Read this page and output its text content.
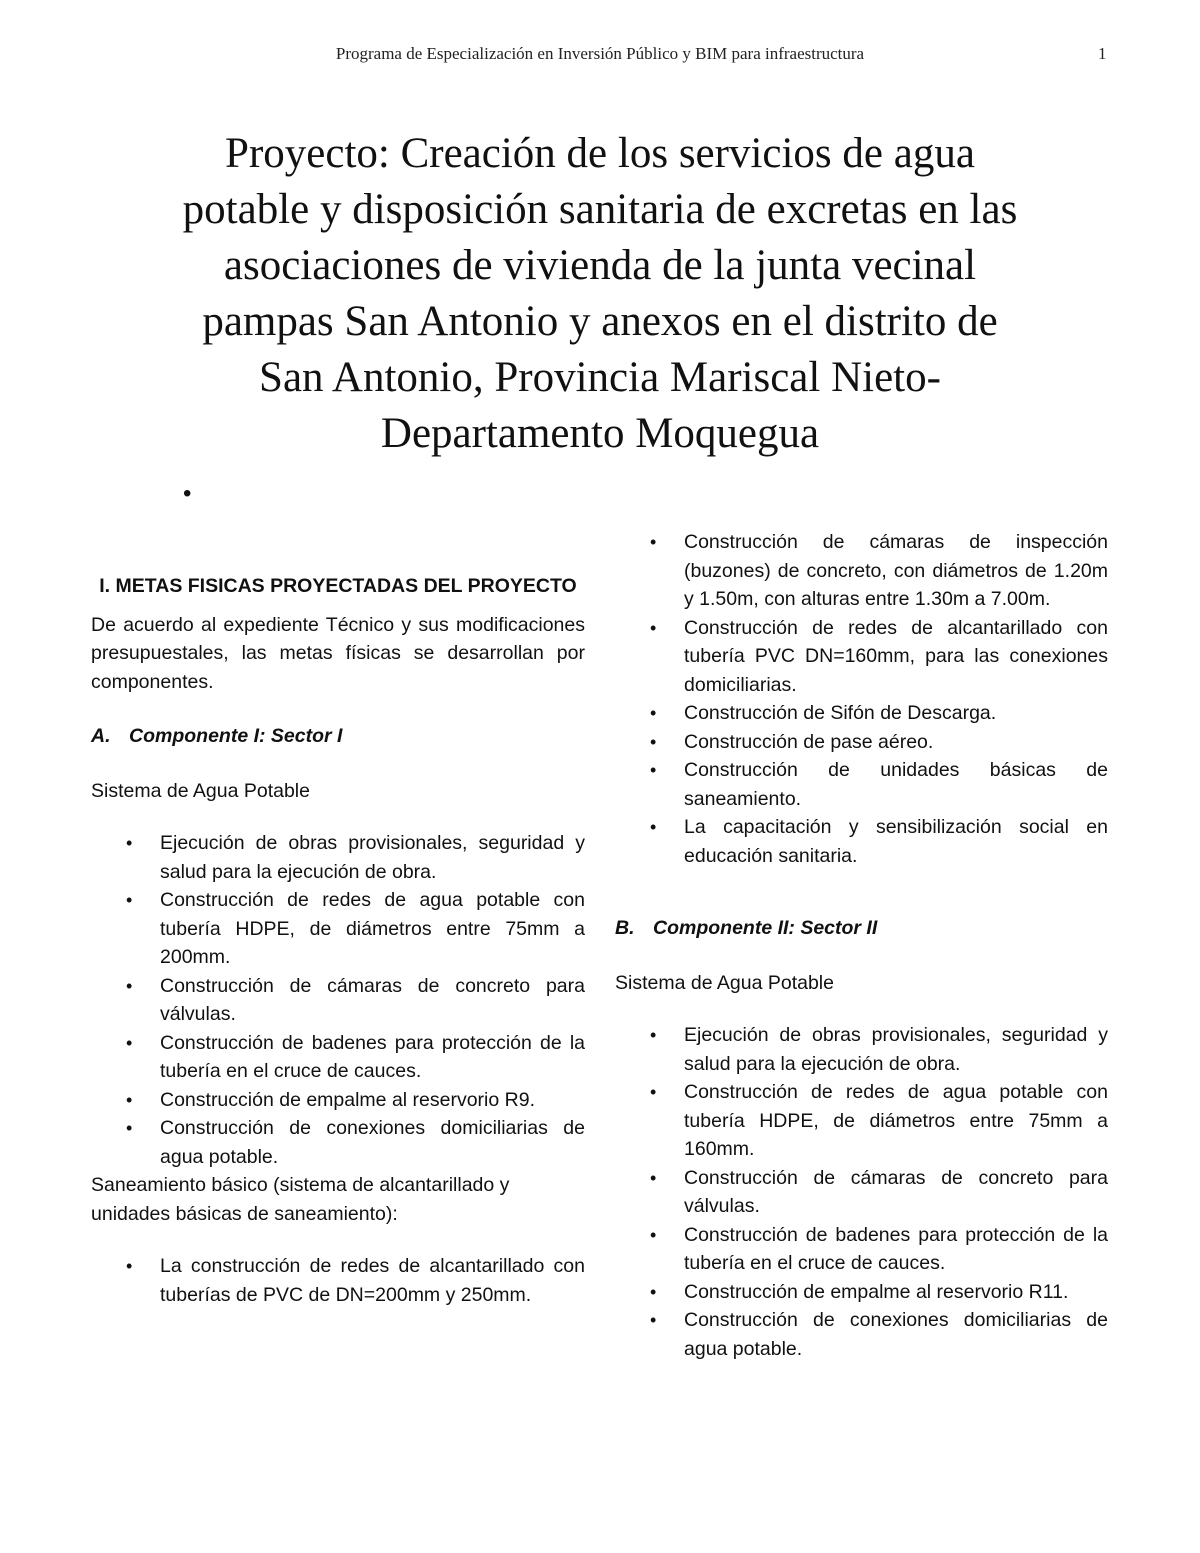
Programa de Especialización en Inversión Público y BIM para infraestructura	1
Proyecto: Creación de los servicios de agua
potable y disposición sanitaria de excretas en las
asociaciones de vivienda de la junta vecinal
pampas San Antonio y anexos en el distrito de
San Antonio, Provincia Mariscal Nieto-
Departamento Moquegua
•
I. METAS FISICAS PROYECTADAS DEL PROYECTO

De acuerdo al expediente Técnico y sus modificaciones presupuestales, las metas físicas se desarrollan por componentes.

A. Componente I: Sector I

Sistema de Agua Potable

• Ejecución de obras provisionales, seguridad y salud para la ejecución de obra.
• Construcción de redes de agua potable con tubería HDPE, de diámetros entre 75mm a 200mm.
• Construcción de cámaras de concreto para válvulas.
• Construcción de badenes para protección de la tubería en el cruce de cauces.
• Construcción de empalme al reservorio R9.
• Construcción de conexiones domiciliarias de agua potable.

Saneamiento básico (sistema de alcantarillado y unidades básicas de saneamiento):

• La construcción de redes de alcantarillado con tuberías de PVC de DN=200mm y 250mm.
• Construcción de cámaras de inspección (buzones) de concreto, con diámetros de 1.20m y 1.50m, con alturas entre 1.30m a 7.00m.
• Construcción de redes de alcantarillado con tubería PVC DN=160mm, para las conexiones domiciliarias.
• Construcción de Sifón de Descarga.
• Construcción de pase aéreo.
• Construcción de unidades básicas de saneamiento.
• La capacitación y sensibilización social en educación sanitaria.
B. Componente II: Sector II

Sistema de Agua Potable

• Ejecución de obras provisionales, seguridad y salud para la ejecución de obra.
• Construcción de redes de agua potable con tubería HDPE, de diámetros entre 75mm a 160mm.
• Construcción de cámaras de concreto para válvulas.
• Construcción de badenes para protección de la tubería en el cruce de cauces.
• Construcción de empalme al reservorio R11.
• Construcción de conexiones domiciliarias de agua potable.
